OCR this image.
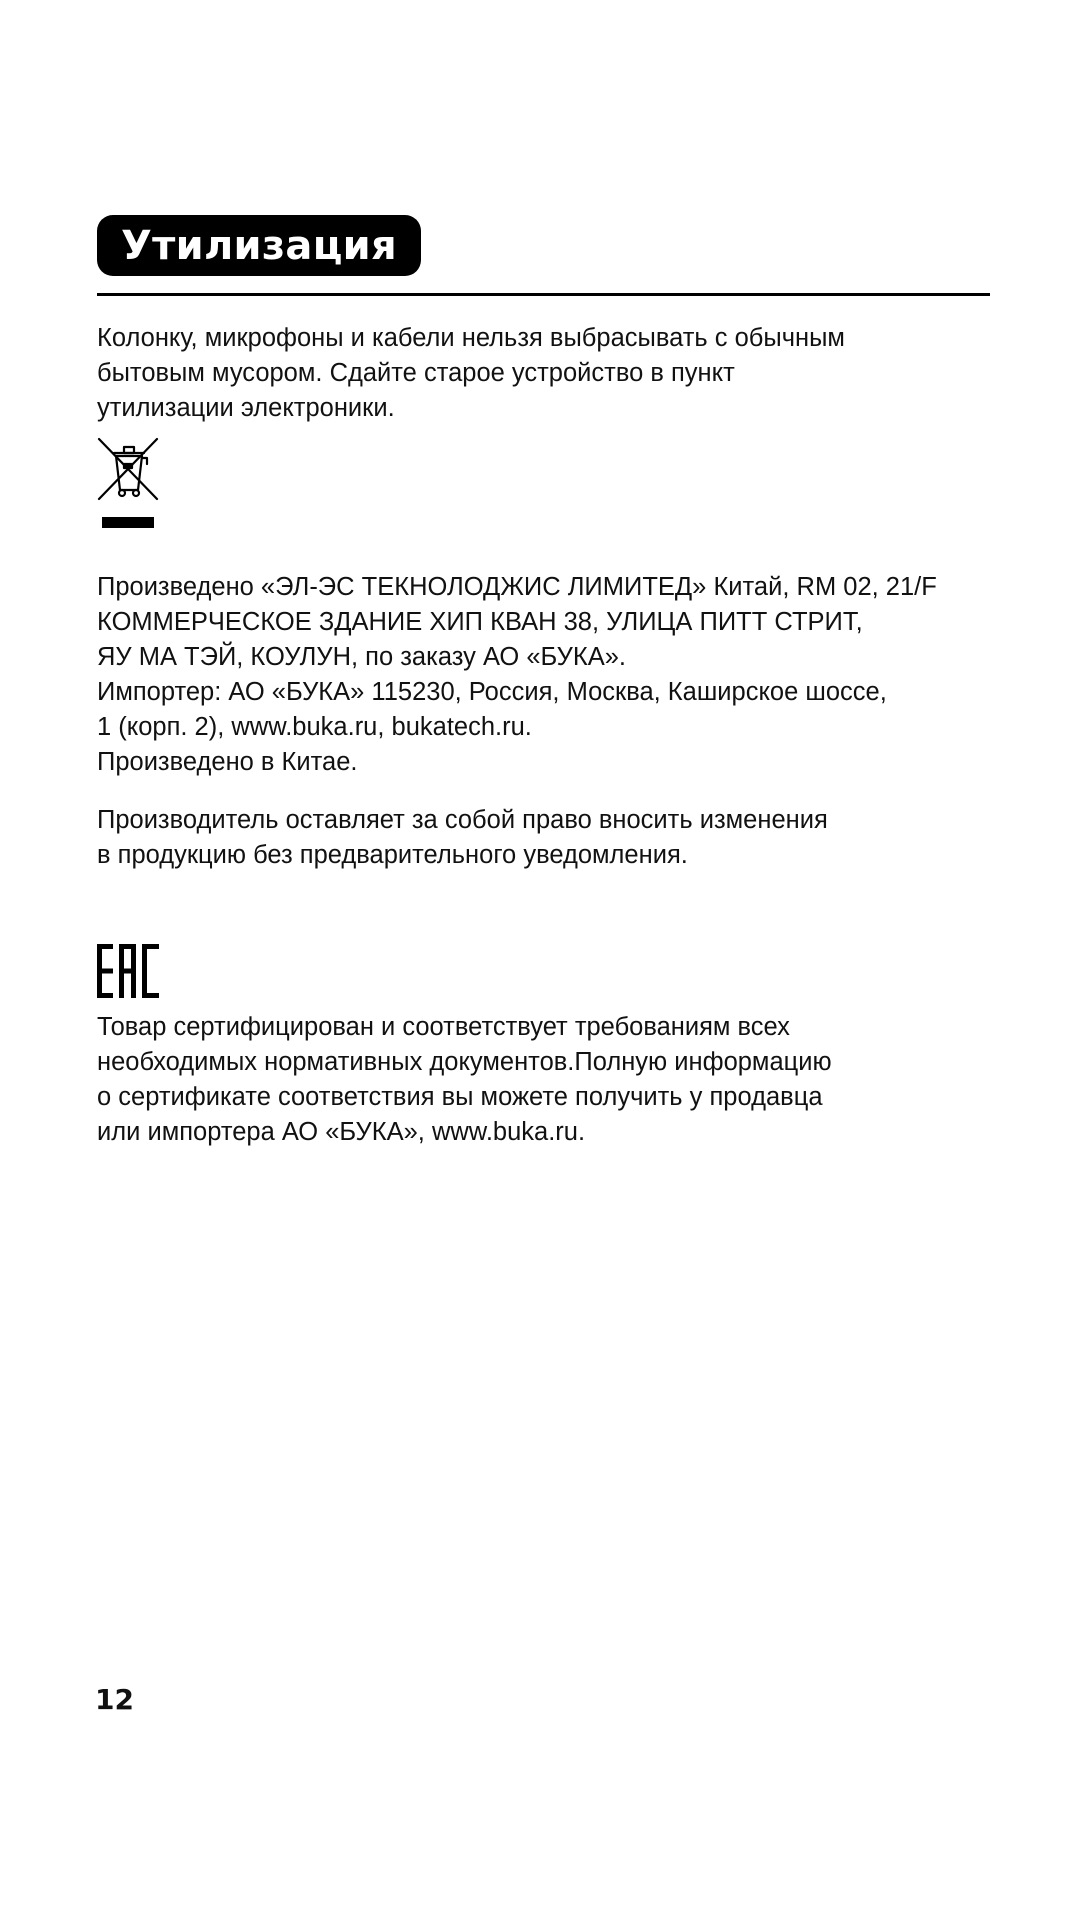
Утилизация

Колонку, микрофоны и кабели нельзя выбрасывать с обычным
бытовым мусором. Сдайте старое устройство в пункт
утилизации электроники.

Произведено «ЭЛ-ЭС ТЕКНОЛОДЖИС ЛИМИТЕД» Китай, RM 02, 21/F
КОММЕРЧЕСКОЕ ЗДАНИЕ ХИП КВАН 38, УЛИЦА ПИТТ СТРИТ,
ЯУ МА ТЭЙ, КОУЛУН, по заказу АО «БУКА».
Импортер: АО «БУКА» 115230, Россия, Москва, Каширское шоссе,
1 (корп. 2), www.buka.ru, bukatech.ru.
Произведено в Китае.

Производитель оставляет за собой право вносить изменения
в продукцию без предварительного уведомления.

Товар сертифицирован и соответствует требованиям всех
необходимых нормативных документов.Полную информацию
о сертификате соответствия вы можете получить у продавца
или импортера АО «БУКА», www.buka.ru.

12
